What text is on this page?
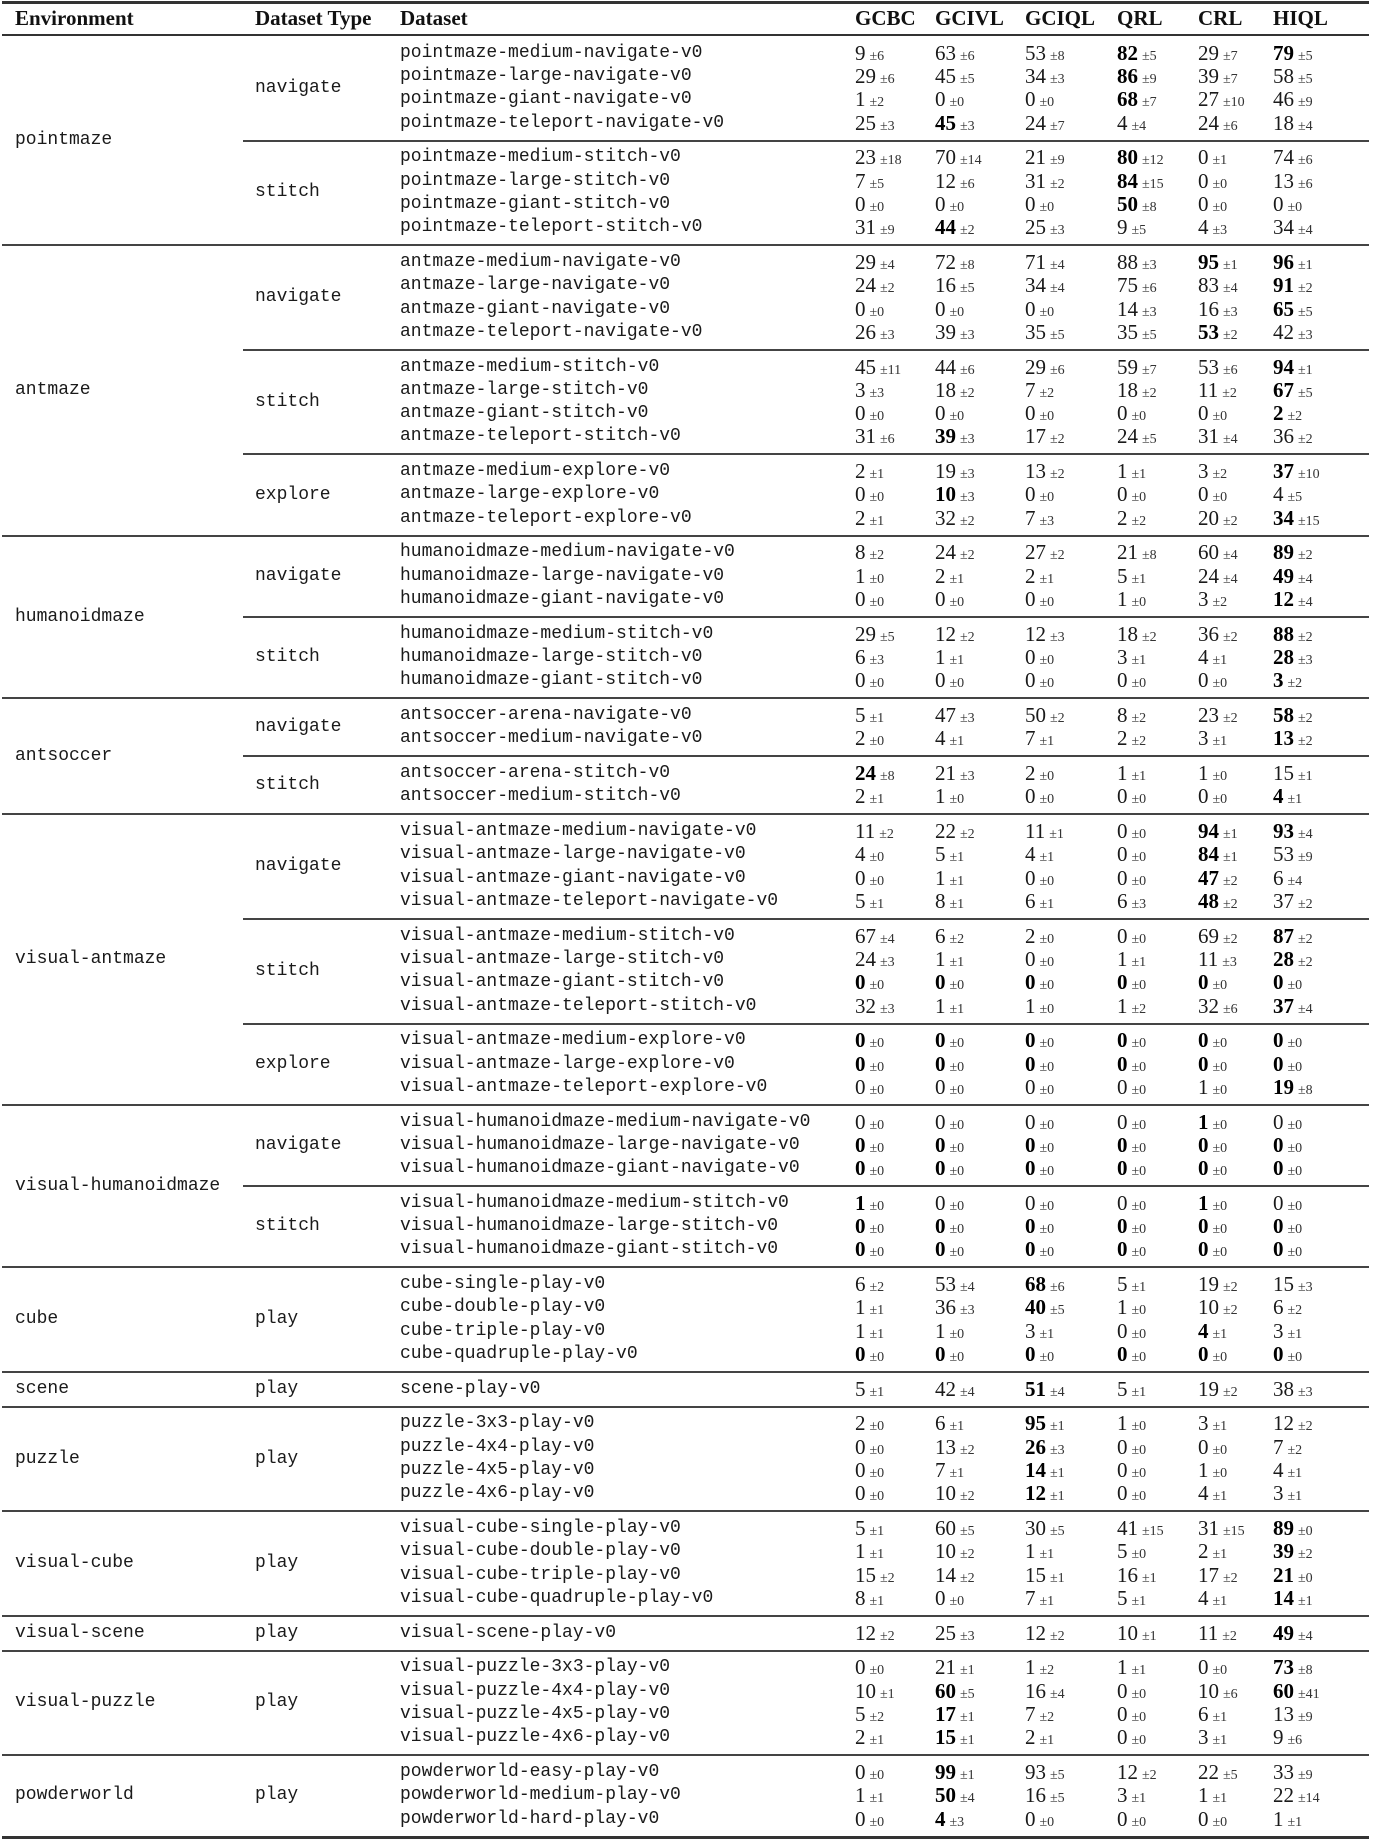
Environment	Dataset Type Dataset	GCBC GCIVL GCIQL QRL CRL HIQL
navigate
pointmaze-medium-navigate-v0	9 ±6 63 ±6 53 ±8 82 ±5 29 ±7 79 ±5
pointmaze-large-navigate-v0	29 ±6 45 ±5 34 ±3 86 ±9 39 ±7 58 ±5
pointmaze-giant-navigate-v0	1 ±2 0 ±0	0 ±0	68 ±7 27 ±10 46 ±9
pointmaze-teleport-navigate-v0	25 ±3 45 ±3 24 ±7 4 ±4 24 ±6 18 ±4
stitch
pointmaze-medium-stitch-v0	23 ±18 70 ±14 21 ±9 80 ±12 0 ±1 74 ±6
pointmaze-large-stitch-v0	7 ±5 12 ±6 31 ±2 84 ±15 0 ±0 13 ±6
pointmaze-giant-stitch-v0	0 ±0 0 ±0	0 ±0	50 ±8 0 ±0 0 ±0
pointmaze-teleport-stitch-v0	31 ±9 44 ±2 25 ±3 9 ±5 4 ±3 34 ±4
pointmaze
navigate
antmaze-medium-navigate-v0	29 ±4 72 ±8 71 ±4 88 ±3 95 ±1 96 ±1
antmaze-large-navigate-v0	24 ±2 16 ±5 34 ±4 75 ±6 83 ±4 91 ±2
antmaze-giant-navigate-v0	0 ±0 0 ±0	0 ±0	14 ±3 16 ±3 65 ±5
antmaze-teleport-navigate-v0	26 ±3 39 ±3 35 ±5 35 ±5 53 ±2 42 ±3
stitch
antmaze-medium-stitch-v0	45 ±11 44 ±6 29 ±6 59 ±7 53 ±6 94 ±1
antmaze-large-stitch-v0	3 ±3 18 ±2 7 ±2	18 ±2 11 ±2 67 ±5
antmaze-giant-stitch-v0	0 ±0 0 ±0	0 ±0	0 ±0 0 ±0 2 ±2
antmaze-teleport-stitch-v0	31 ±6 39 ±3 17 ±2 24 ±5 31 ±4 36 ±2
explore
antmaze-medium-explore-v0	2 ±1 19 ±3 13 ±2 1 ±1 3 ±2 37 ±10
antmaze-large-explore-v0	0 ±0 10 ±3 0 ±0	0 ±0 0 ±0 4 ±5
antmaze-teleport-explore-v0	2 ±1 32 ±2 7 ±3	2 ±2 20 ±2 34 ±15
antmaze
navigate
humanoidmaze-medium-navigate-v0	8 ±2 24 ±2 27 ±2 21 ±8 60 ±4 89 ±2
humanoidmaze-large-navigate-v0	1 ±0 2 ±1	2 ±1	5 ±1 24 ±4 49 ±4
humanoidmaze-giant-navigate-v0	0 ±0 0 ±0	0 ±0	1 ±0 3 ±2 12 ±4
stitch
humanoidmaze-medium-stitch-v0	29 ±5 12 ±2 12 ±3 18 ±2 36 ±2 88 ±2
humanoidmaze-large-stitch-v0	6 ±3 1 ±1	0 ±0	3 ±1 4 ±1 28 ±3
humanoidmaze-giant-stitch-v0	0 ±0 0 ±0	0 ±0	0 ±0 0 ±0 3 ±2
humanoidmaze
navigate
antsoccer-arena-navigate-v0	5 ±1 47 ±3 50 ±2 8 ±2 23 ±2 58 ±2
antsoccer-medium-navigate-v0	2 ±0 4 ±1	7 ±1	2 ±2 3 ±1 13 ±2
stitch
antsoccer-arena-stitch-v0	24 ±8 21 ±3 2 ±0	1 ±1 1 ±0 15 ±1
antsoccer-medium-stitch-v0	2 ±1 1 ±0	0 ±0	0 ±0 0 ±0 4 ±1
antsoccer
navigate
visual-antmaze-medium-navigate-v0	11 ±2 22 ±2 11 ±1	0 ±0 94 ±1 93 ±4
visual-antmaze-large-navigate-v0	4 ±0 5 ±1	4 ±1	0 ±0 84 ±1 53 ±9
visual-antmaze-giant-navigate-v0	0 ±0 1 ±1	0 ±0	0 ±0 47 ±2 6 ±4
visual-antmaze-teleport-navigate-v0	5 ±1 8 ±1	6 ±1	6 ±3 48 ±2 37 ±2
stitch
visual-antmaze-medium-stitch-v0	67 ±4 6 ±2	2 ±0	0 ±0 69 ±2 87 ±2
visual-antmaze-large-stitch-v0	24 ±3 1 ±1	0 ±0	1 ±1 11 ±3 28 ±2
visual-antmaze-giant-stitch-v0	0 ±0 0 ±0	0 ±0	0 ±0 0 ±0 0 ±0
visual-antmaze-teleport-stitch-v0	32 ±3 1 ±1	1 ±0	1 ±2 32 ±6 37 ±4
explore
visual-antmaze-medium-explore-v0	0 ±0 0 ±0	0 ±0	0 ±0 0 ±0 0 ±0
visual-antmaze-large-explore-v0	0 ±0 0 ±0	0 ±0	0 ±0 0 ±0 0 ±0
visual-antmaze-teleport-explore-v0	0 ±0 0 ±0	0 ±0	0 ±0 1 ±0 19 ±8
visual-antmaze
navigate
visual-humanoidmaze-medium-navigate-v0 0 ±0 0 ±0	0 ±0	0 ±0 1 ±0 0 ±0
visual-humanoidmaze-large-navigate-v0	0 ±0 0 ±0	0 ±0	0 ±0 0 ±0 0 ±0
visual-humanoidmaze-giant-navigate-v0	0 ±0 0 ±0	0 ±0	0 ±0 0 ±0 0 ±0
stitch
visual-humanoidmaze-medium-stitch-v0	1 ±0 0 ±0	0 ±0	0 ±0 1 ±0 0 ±0
visual-humanoidmaze-large-stitch-v0	0 ±0 0 ±0	0 ±0	0 ±0 0 ±0 0 ±0
visual-humanoidmaze-giant-stitch-v0	0 ±0 0 ±0	0 ±0	0 ±0 0 ±0 0 ±0
visual-humanoidmaze
play
cube-single-play-v0	6 ±2 53 ±4 68 ±6 5 ±1 19 ±2 15 ±3
cube-double-play-v0	1 ±1 36 ±3 40 ±5 1 ±0 10 ±2 6 ±2
cube-triple-play-v0	1 ±1 1 ±0	3 ±1	0 ±0 4 ±1 3 ±1
cube-quadruple-play-v0	0 ±0 0 ±0	0 ±0	0 ±0 0 ±0 0 ±0
cube
play	scene-play-v0	5 ±1 42 ±4 51 ±4 5 ±1 19 ±2 38 ±3
scene
play
puzzle-3x3-play-v0	2 ±0 6 ±1	95 ±1 1 ±0 3 ±1 12 ±2
puzzle-4x4-play-v0	0 ±0 13 ±2 26 ±3 0 ±0 0 ±0 7 ±2
puzzle-4x5-play-v0	0 ±0 7 ±1	14 ±1 0 ±0 1 ±0 4 ±1
puzzle-4x6-play-v0	0 ±0 10 ±2 12 ±1 0 ±0 4 ±1 3 ±1
puzzle
play
visual-cube-single-play-v0	5 ±1 60 ±5 30 ±5 41 ±15 31 ±15 89 ±0
visual-cube-double-play-v0	1 ±1 10 ±2 1 ±1	5 ±0 2 ±1 39 ±2
visual-cube-triple-play-v0	15 ±2 14 ±2 15 ±1 16 ±1 17 ±2 21 ±0
visual-cube-quadruple-play-v0	8 ±1 0 ±0	7 ±1	5 ±1 4 ±1 14 ±1
visual-cube
play	visual-scene-play-v0	12 ±2 25 ±3 12 ±2 10 ±1 11 ±2 49 ±4
visual-scene
play
visual-puzzle-3x3-play-v0	0 ±0 21 ±1 1 ±2	1 ±1 0 ±0 73 ±8
visual-puzzle-4x4-play-v0	10 ±1 60 ±5 16 ±4 0 ±0 10 ±6 60 ±41
visual-puzzle-4x5-play-v0	5 ±2 17 ±1 7 ±2	0 ±0 6 ±1 13 ±9
visual-puzzle-4x6-play-v0	2 ±1 15 ±1 2 ±1	0 ±0 3 ±1 9 ±6
visual-puzzle
play
powderworld-easy-play-v0	0 ±0 99 ±1 93 ±5 12 ±2 22 ±5 33 ±9
powderworld-medium-play-v0	1 ±1 50 ±4 16 ±5 3 ±1 1 ±1 22 ±14
powderworld-hard-play-v0	0 ±0 4 ±3	0 ±0	0 ±0 0 ±0 1 ±1
powderworld
